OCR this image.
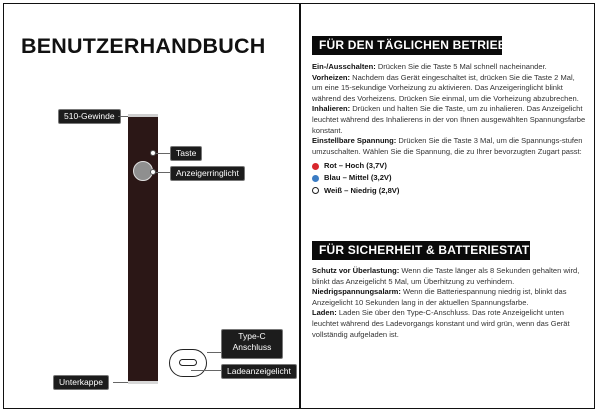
BENUTZERHANDBUCH
510-Gewinde
Taste
Anzeigerringlicht
Type-C
Anschluss
Ladeanzeigelicht
Unterkappe
FÜR DEN TÄGLICHEN BETRIEB:

Ein-/Ausschalten: Drücken Sie die Taste 5 Mal schnell nacheinander.

Vorheizen: Nachdem das Gerät eingeschaltet ist, drücken Sie die Taste 2 Mal, um eine 15-sekundige Vorheizung zu aktivieren. Das Anzeigeringlicht blinkt während des Vorheizens. Drücken Sie einmal, um die Vorheizung abzubrechen.

Inhalieren: Drücken und halten Sie die Taste, um zu inhalieren. Das Anzeigelicht leuchtet während des Inhalierens in der von Ihnen ausgewählten Spannungsfarbe konstant.

Einstellbare Spannung: Drücken Sie die Taste 3 Mal, um die Spannungs-stufen umzuschalten. Wählen Sie die Spannung, die zu Ihrer bevorzugten Zugart passt:

Rot – Hoch (3,7V)
Blau – Mittel (3,2V)
Weiß – Niedrig (2,8V)
FÜR SICHERHEIT & BATTERIESTATUS:

Schutz vor Überlastung: Wenn die Taste länger als 8 Sekunden gehalten wird, blinkt das Anzeigelicht 5 Mal, um Überhitzung zu verhindern.

Niedrigspannungsalarm: Wenn die Batteriespannung niedrig ist, blinkt das Anzeigelicht 10 Sekunden lang in der aktuellen Spannungsfarbe.

Laden: Laden Sie über den Type-C-Anschluss. Das rote Anzeigelicht unten leuchtet während des Ladevorgangs konstant und wird grün, wenn das Gerät vollständig aufgeladen ist.
